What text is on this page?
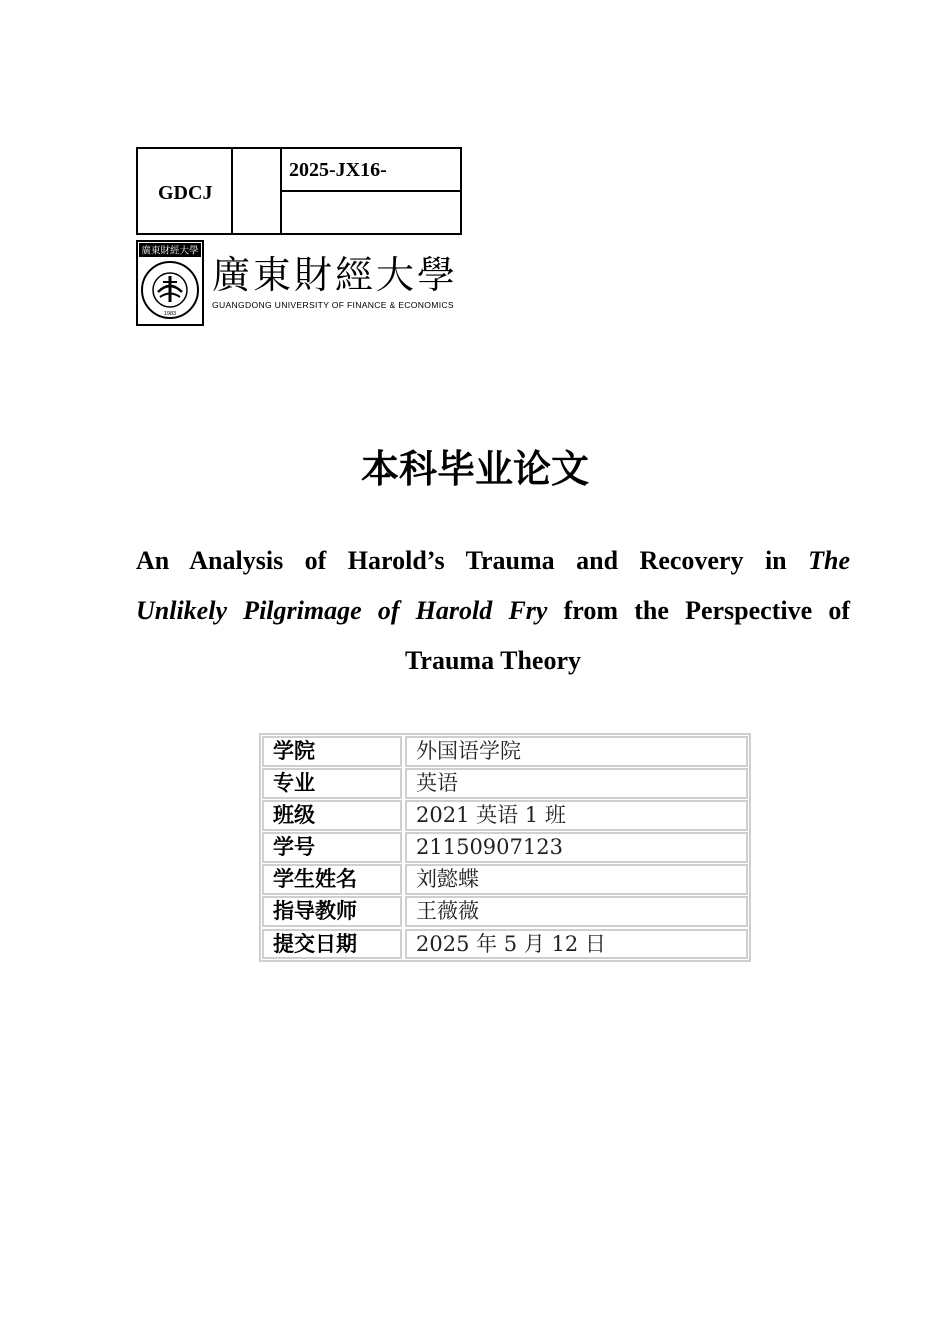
GDCJ
2025-JX16-
廣東財經大學
1983
廣東財經大學
GUANGDONG UNIVERSITY OF FINANCE & ECONOMICS
本科毕业论文
An Analysis of Harold’s Trauma and Recovery in The
Unlikely Pilgrimage of Harold Fry from the Perspective of
Trauma Theory
学院	外国语学院
专业	英语
班级	2021 英语 1 班
学号	21150907123
学生姓名	刘懿蝶
指导教师	王薇薇
提交日期	2025 年 5 月 12 日
